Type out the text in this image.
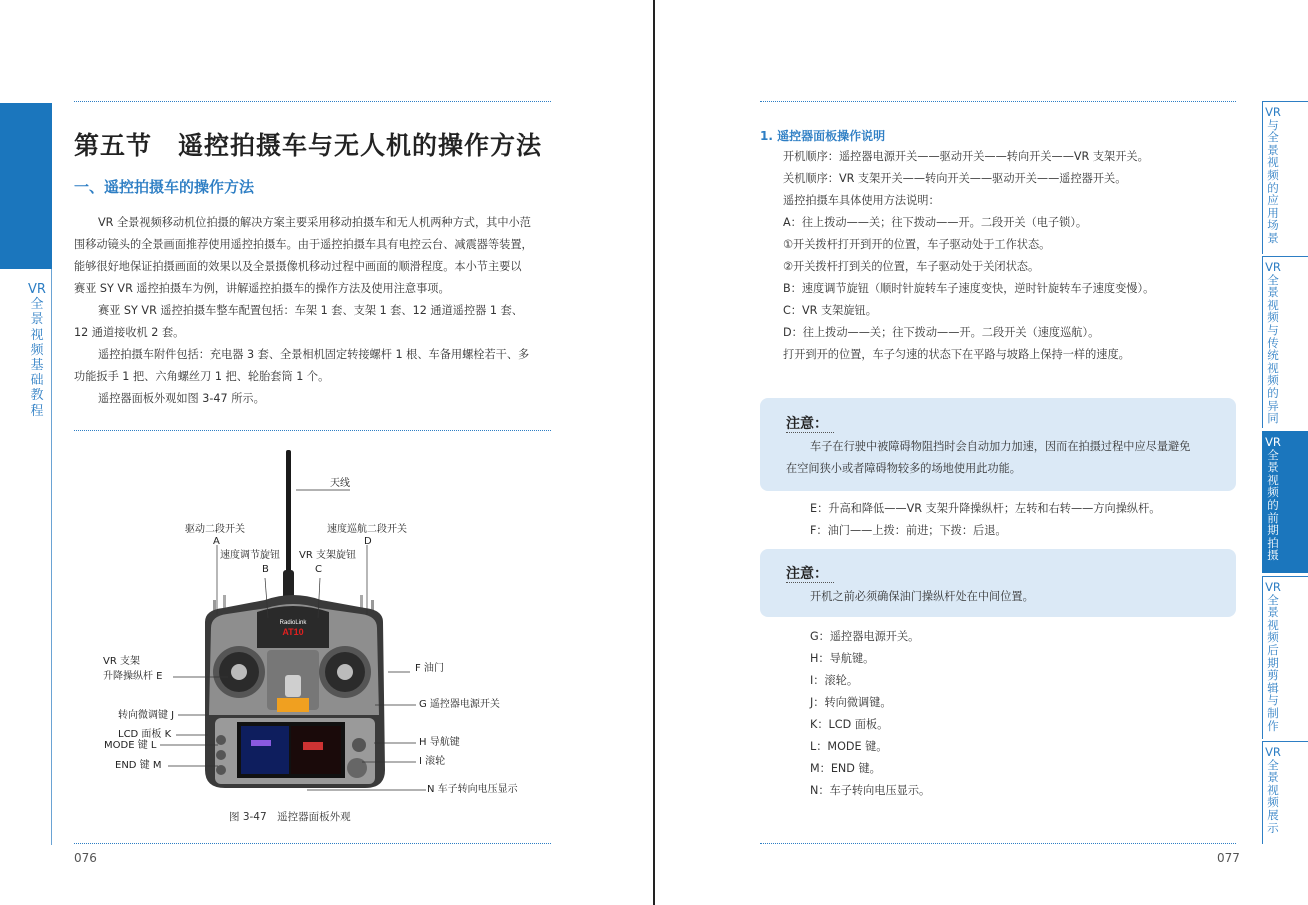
VR全景视频基础教程
第五节　遥控拍摄车与无人机的操作方法
一、遥控拍摄车的操作方法

VR 全景视频移动机位拍摄的解决方案主要采用移动拍摄车和无人机两种方式，其中小范

围移动镜头的全景画面推荐使用遥控拍摄车。由于遥控拍摄车具有电控云台、减震器等装置，

能够很好地保证拍摄画面的效果以及全景摄像机移动过程中画面的顺滑程度。本小节主要以

赛亚 SY VR 遥控拍摄车为例，讲解遥控拍摄车的操作方法及使用注意事项。

赛亚 SY VR 遥控拍摄车整车配置包括：车架 1 套、支架 1 套、12 通道遥控器 1 套、

12 通道接收机 2 套。

遥控拍摄车附件包括：充电器 3 套、全景相机固定转接螺杆 1 根、车备用螺栓若干、多

功能扳手 1 把、六角螺丝刀 1 把、轮胎套筒 1 个。

遥控器面板外观如图 3-47 所示。

RadioLink
AT10
天线
驱动二段开关
A
速度巡航二段开关
D
速度调节旋钮
B
VR 支架旋钮
C
VR 支架
升降操纵杆 E
F 油门
G 遥控器电源开关
转向微调键 J
LCD 面板 K
MODE 键 L	H 导航键
I 滚轮
END 键 M
N 车子转向电压显示
图 3-47　遥控器面板外观
076
1. 遥控器面板操作说明

开机顺序：遥控器电源开关——驱动开关——转向开关——VR 支架开关。

关机顺序：VR 支架开关——转向开关——驱动开关——遥控器开关。

遥控拍摄车具体使用方法说明：

A：往上拨动——关；往下拨动——开。二段开关（电子锁）。

①开关拨杆打开到开的位置，车子驱动处于工作状态。

②开关拨杆打到关的位置，车子驱动处于关闭状态。

B：速度调节旋钮（顺时针旋转车子速度变快，逆时针旋转车子速度变慢）。

C：VR 支架旋钮。

D：往上拨动——关；往下拨动——开。二段开关（速度巡航）。

打开到开的位置，车子匀速的状态下在平路与坡路上保持一样的速度。

注意：

车子在行驶中被障碍物阻挡时会自动加力加速，因而在拍摄过程中应尽量避免

在空间狭小或者障碍物较多的场地使用此功能。

E：升高和降低——VR 支架升降操纵杆；左转和右转——方向操纵杆。

F：油门——上拨：前进；下拨：后退。

注意：

开机之前必须确保油门操纵杆处在中间位置。

G：遥控器电源开关。

H：导航键。

I：滚轮。

J：转向微调键。

K：LCD 面板。

L：MODE 键。

M：END 键。

N：车子转向电压显示。

077
VR与全景视频的应用场景
VR全景视频与传统视频的异同
VR全景视频的前期拍摄
VR全景视频后期剪辑与制作
VR全景视频展示
